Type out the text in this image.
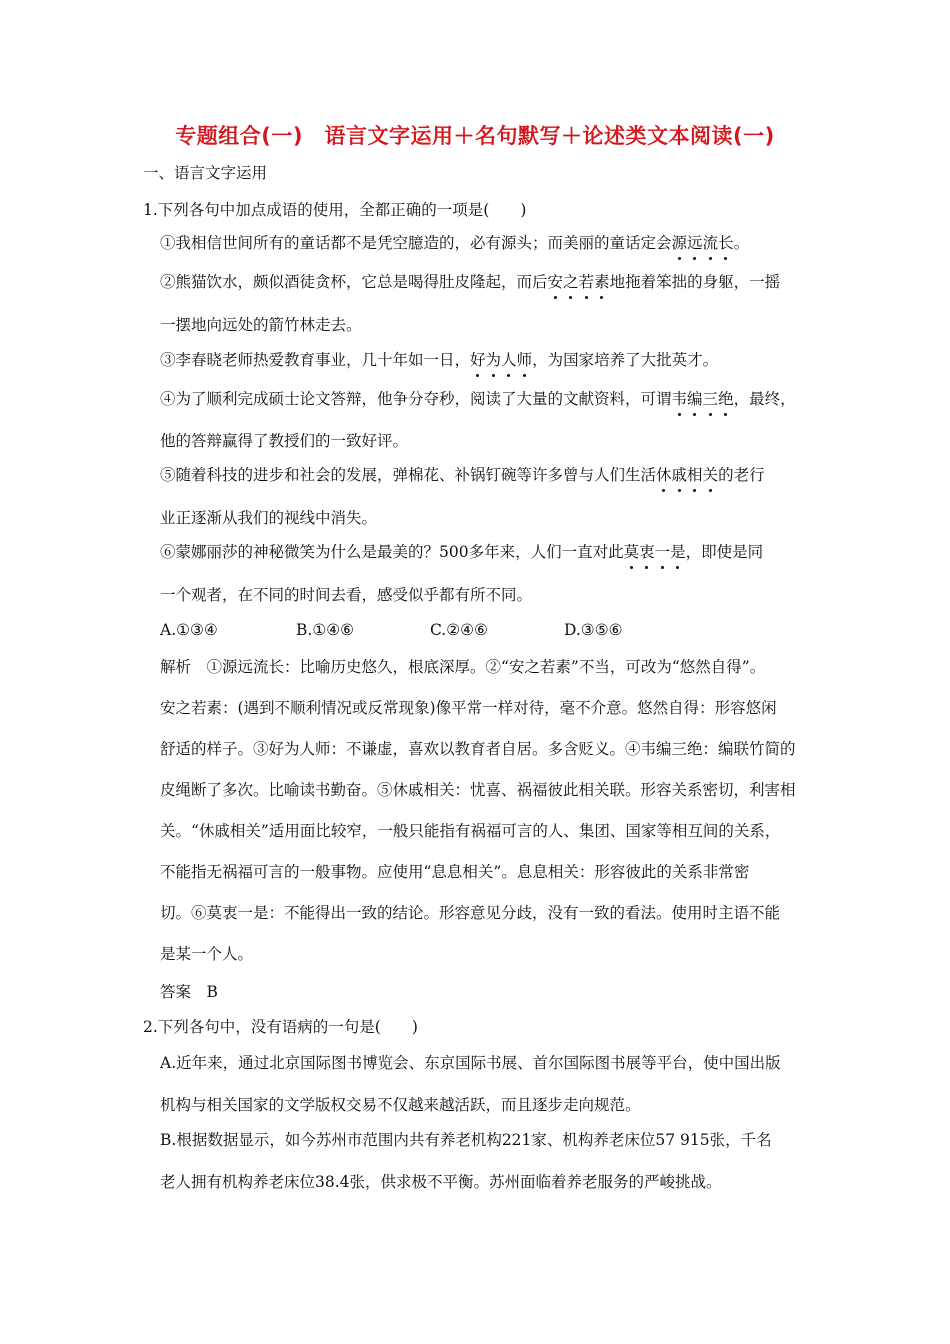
专题组合(一)　语言文字运用＋名句默写＋论述类文本阅读(一)
一、语言文字运用
1.下列各句中加点成语的使用，全都正确的一项是(　　)
①我相信世间所有的童话都不是凭空臆造的，必有源头；而美丽的童话定会源远流长。
②熊猫饮水，颇似酒徒贪杯，它总是喝得肚皮隆起，而后安之若素地拖着笨拙的身躯，一摇
一摆地向远处的箭竹林走去。
③李春晓老师热爱教育事业，几十年如一日，好为人师，为国家培养了大批英才。
④为了顺利完成硕士论文答辩，他争分夺秒，阅读了大量的文献资料，可谓韦编三绝，最终，
他的答辩赢得了教授们的一致好评。
⑤随着科技的进步和社会的发展，弹棉花、补锅钉碗等许多曾与人们生活休戚相关的老行
业正逐渐从我们的视线中消失。
⑥蒙娜丽莎的神秘微笑为什么是最美的？500多年来，人们一直对此莫衷一是，即使是同
一个观者，在不同的时间去看，感受似乎都有所不同。
A.①③④	B.①④⑥	C.②④⑥	D.③⑤⑥
解析　①源远流长：比喻历史悠久，根底深厚。②“安之若素”不当，可改为“悠然自得”。
安之若素：(遇到不顺利情况或反常现象)像平常一样对待，毫不介意。悠然自得：形容悠闲
舒适的样子。③好为人师：不谦虚，喜欢以教育者自居。多含贬义。④韦编三绝：编联竹简的
皮绳断了多次。比喻读书勤奋。⑤休戚相关：忧喜、祸福彼此相关联。形容关系密切，利害相
关。“休戚相关”适用面比较窄，一般只能指有祸福可言的人、集团、国家等相互间的关系，
不能指无祸福可言的一般事物。应使用“息息相关”。息息相关：形容彼此的关系非常密
切。⑥莫衷一是：不能得出一致的结论。形容意见分歧，没有一致的看法。使用时主语不能
是某一个人。
答案　B
2.下列各句中，没有语病的一句是(　　)
A.近年来，通过北京国际图书博览会、东京国际书展、首尔国际图书展等平台，使中国出版
机构与相关国家的文学版权交易不仅越来越活跃，而且逐步走向规范。
B.根据数据显示，如今苏州市范围内共有养老机构221家、机构养老床位57 915张，千名
老人拥有机构养老床位38.4张，供求极不平衡。苏州面临着养老服务的严峻挑战。
